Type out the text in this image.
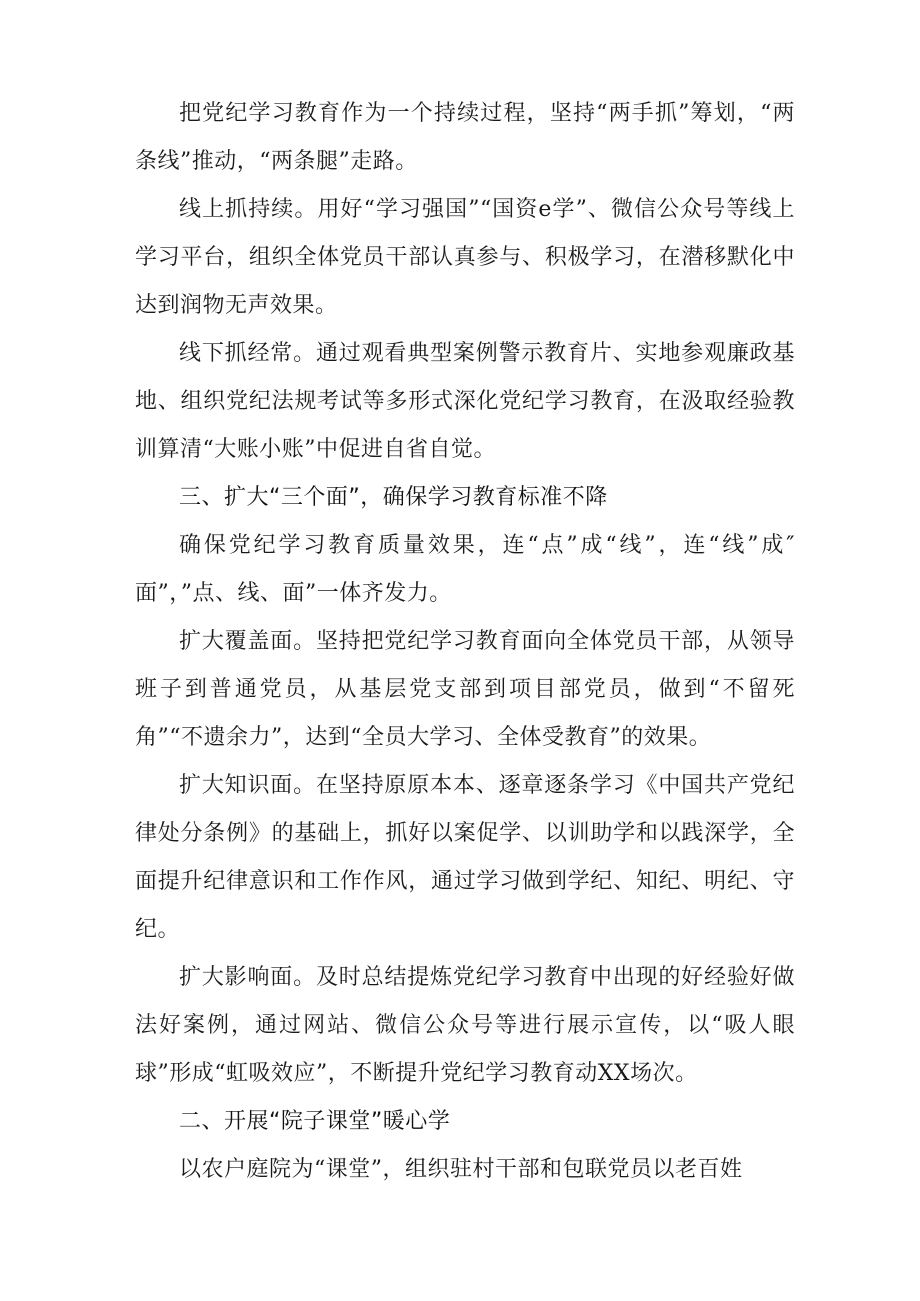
把党纪学习教育作为一个持续过程，坚持“两手抓”筹划，“两条线”推动，“两条腿”走路。

线上抓持续。用好“学习强国”“国资e学”、微信公众号等线上学习平台，组织全体党员干部认真参与、积极学习，在潜移默化中达到润物无声效果。

线下抓经常。通过观看典型案例警示教育片、实地参观廉政基地、组织党纪法规考试等多形式深化党纪学习教育，在汲取经验教训算清“大账小账”中促进自省自觉。

三、扩大“三个面”，确保学习教育标准不降

确保党纪学习教育质量效果，连“点”成“线”，连“线”成″面”，”点、线、面”一体齐发力。

扩大覆盖面。坚持把党纪学习教育面向全体党员干部，从领导班子到普通党员，从基层党支部到项目部党员，做到“不留死角”“不遗余力”，达到“全员大学习、全体受教育”的效果。

扩大知识面。在坚持原原本本、逐章逐条学习《中国共产党纪律处分条例》的基础上，抓好以案促学、以训助学和以践深学，全面提升纪律意识和工作作风，通过学习做到学纪、知纪、明纪、守纪。

扩大影响面。及时总结提炼党纪学习教育中出现的好经验好做法好案例，通过网站、微信公众号等进行展示宣传，以“吸人眼球”形成“虹吸效应”，不断提升党纪学习教育动XX场次。

二、开展“院子课堂”暖心学

以农户庭院为“课堂”，组织驻村干部和包联党员以老百姓
